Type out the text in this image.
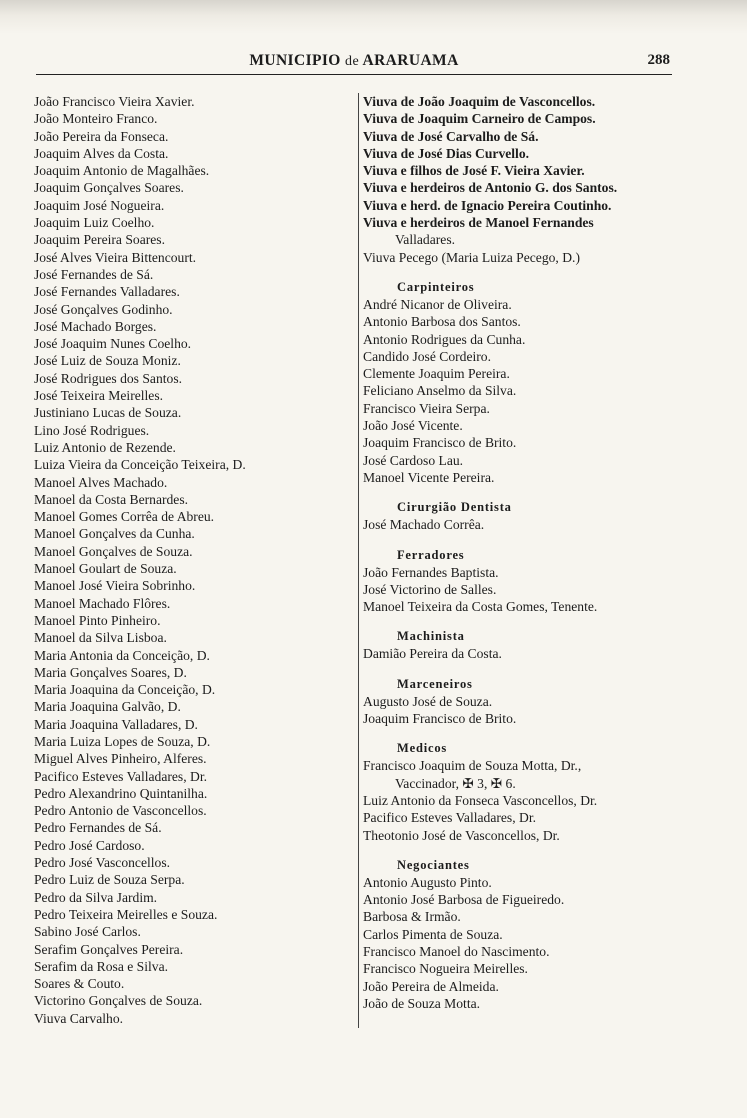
MUNICIPIO de ARARUAMA	288
João Francisco Vieira Xavier.
João Monteiro Franco.
João Pereira da Fonseca.
Joaquim Alves da Costa.
Joaquim Antonio de Magalhães.
Joaquim Gonçalves Soares.
Joaquim José Nogueira.
Joaquim Luiz Coelho.
Joaquim Pereira Soares.
José Alves Vieira Bittencourt.
José Fernandes de Sá.
José Fernandes Valladares.
José Gonçalves Godinho.
José Machado Borges.
José Joaquim Nunes Coelho.
José Luiz de Souza Moniz.
José Rodrigues dos Santos.
José Teixeira Meirelles.
Justiniano Lucas de Souza.
Lino José Rodrigues.
Luiz Antonio de Rezende.
Luiza Vieira da Conceição Teixeira, D.
Manoel Alves Machado.
Manoel da Costa Bernardes.
Manoel Gomes Corrêa de Abreu.
Manoel Gonçalves da Cunha.
Manoel Gonçalves de Souza.
Manoel Goulart de Souza.
Manoel José Vieira Sobrinho.
Manoel Machado Flôres.
Manoel Pinto Pinheiro.
Manoel da Silva Lisboa.
Maria Antonia da Conceição, D.
Maria Gonçalves Soares, D.
Maria Joaquina da Conceição, D.
Maria Joaquina Galvão, D.
Maria Joaquina Valladares, D.
Maria Luiza Lopes de Souza, D.
Miguel Alves Pinheiro, Alferes.
Pacifico Esteves Valladares, Dr.
Pedro Alexandrino Quintanilha.
Pedro Antonio de Vasconcellos.
Pedro Fernandes de Sá.
Pedro José Cardoso.
Pedro José Vasconcellos.
Pedro Luiz de Souza Serpa.
Pedro da Silva Jardim.
Pedro Teixeira Meirelles e Souza.
Sabino José Carlos.
Serafim Gonçalves Pereira.
Serafim da Rosa e Silva.
Soares & Couto.
Victorino Gonçalves de Souza.
Viuva Carvalho.
Viuva de João Joaquim de Vasconcellos.
Viuva de Joaquim Carneiro de Campos.
Viuva de José Carvalho de Sá.
Viuva de José Dias Curvello.
Viuva e filhos de José F. Vieira Xavier.
Viuva e herdeiros de Antonio G. dos Santos.
Viuva e herd. de Ignacio Pereira Coutinho.
Viuva e herdeiros de Manoel Fernandes
Valladares.
Viuva Pecego (Maria Luiza Pecego, D.)
Carpinteiros
André Nicanor de Oliveira.
Antonio Barbosa dos Santos.
Antonio Rodrigues da Cunha.
Candido José Cordeiro.
Clemente Joaquim Pereira.
Feliciano Anselmo da Silva.
Francisco Vieira Serpa.
João José Vicente.
Joaquim Francisco de Brito.
José Cardoso Lau.
Manoel Vicente Pereira.
Cirurgião Dentista
José Machado Corrêa.
Ferradores
João Fernandes Baptista.
José Victorino de Salles.
Manoel Teixeira da Costa Gomes, Tenente.
Machinista
Damião Pereira da Costa.
Marceneiros
Augusto José de Souza.
Joaquim Francisco de Brito.
Medicos
Francisco Joaquim de Souza Motta, Dr.,
Vaccinador, ✠ 3, ✠ 6.
Luiz Antonio da Fonseca Vasconcellos, Dr.
Pacifico Esteves Valladares, Dr.
Theotonio José de Vasconcellos, Dr.
Negociantes
Antonio Augusto Pinto.
Antonio José Barbosa de Figueiredo.
Barbosa & Irmão.
Carlos Pimenta de Souza.
Francisco Manoel do Nascimento.
Francisco Nogueira Meirelles.
João Pereira de Almeida.
João de Souza Motta.
